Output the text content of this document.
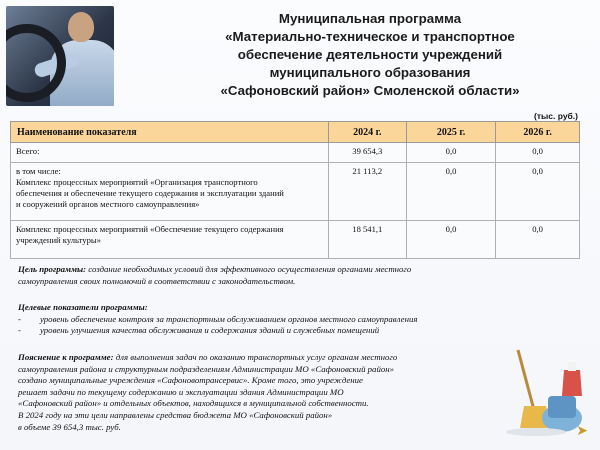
Муниципальная программа
«Материально-техническое и транспортное
обеспечение деятельности учреждений
муниципального образования
«Сафоновский район» Смоленской области»
(тыс. руб.)
Наименование показателя	2024 г.	2025 г.	2026 г.
Всего:	39 654,3	0,0	0,0

в том числе:
Комплекс процессных мероприятий «Организация транспортного
обеспечения и обеспечение текущего содержания и эксплуатации зданий
и сооружений органов местного самоуправления»	21 113,2	0,0	0,0

Комплекс процессных мероприятий «Обеспечение текущего содержания
учреждений культуры»	18 541,1	0,0	0,0
Цель программы: создание необходимых условий для эффективного осуществления органами местного
самоуправления своих полномочий в соответствии с законодательством.
Целевые показатели программы:
- уровень обеспечение контроля за транспортным обслуживанием органов местного самоуправления
- уровень улучшения качества обслуживания и содержания зданий и служебных помещений
Пояснение к программе: для выполнения задач по оказанию транспортных услуг органам местного
самоуправления района и структурным подразделениям Администрации МО «Сафоновский район»
создано муниципальные учреждения «Сафоновотрансервис». Кроме того, это учреждение
решает задачи по текущему содержанию и эксплуатации здания Администрации МО
«Сафоновский район» и отдельных объектов, находящихся в муниципальной собственности.
В 2024 году на эти цели направлены средства бюджета МО «Сафоновский район»
в объеме 39 654,3 тыс. руб.	➤
